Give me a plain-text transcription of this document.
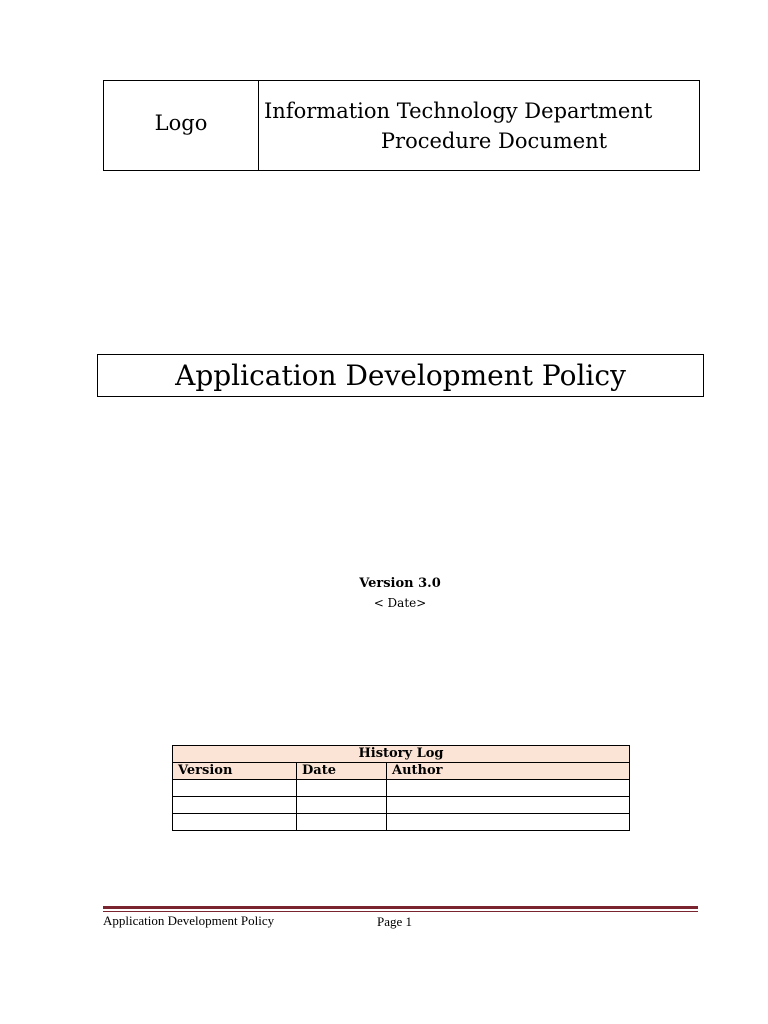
Logo	Information Technology Department
Procedure Document
Application Development Policy
Version 3.0
< Date>
History Log		
Version	Date	Author

Application Development Policy	Page 1
